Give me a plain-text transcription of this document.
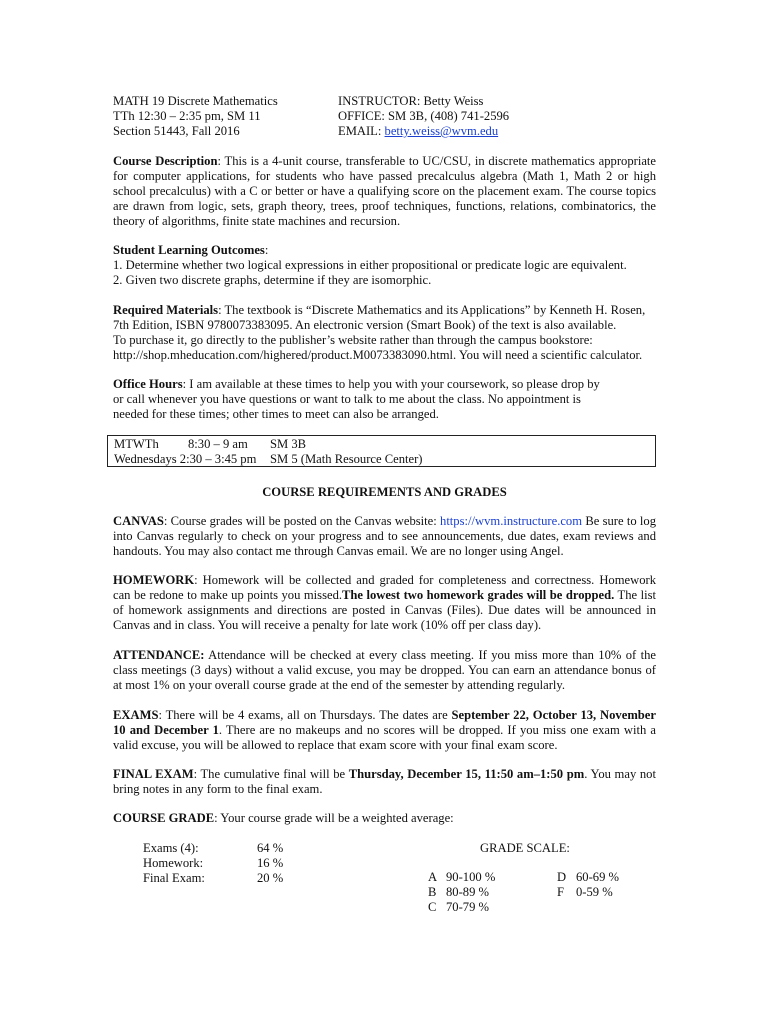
MATH 19 Discrete Mathematics
TTh 12:30 – 2:35 pm, SM 11
Section 51443, Fall 2016
INSTRUCTOR: Betty Weiss
OFFICE: SM 3B, (408) 741-2596
EMAIL: betty.weiss@wvm.edu

Course Description: This is a 4-unit course, transferable to UC/CSU, in discrete mathematics appropriate for computer applications, for students who have passed precalculus algebra (Math 1, Math 2 or high school precalculus) with a C or better or have a qualifying score on the placement exam. The course topics are drawn from logic, sets, graph theory, trees, proof techniques, functions, relations, combinatorics, the theory of algorithms, finite state machines and recursion.

Student Learning Outcomes:

1. Determine whether two logical expressions in either propositional or predicate logic are equivalent.

2. Given two discrete graphs, determine if they are isomorphic.

Required Materials: The textbook is “Discrete Mathematics and its Applications” by Kenneth H. Rosen,

7th Edition, ISBN 9780073383095. An electronic version (Smart Book) of the text is also available.

To purchase it, go directly to the publisher’s website rather than through the campus bookstore:

http://shop.mheducation.com/highered/product.M0073383090.html. You will need a scientific calculator.

Office Hours: I am available at these times to help you with your coursework, so please drop by

or call whenever you have questions or want to talk to me about the class. No appointment is

needed for these times; other times to meet can also be arranged.

MTWTh	8:30 – 9 am	SM 3B
Wednesdays 2:30 – 3:45 pm	SM 5 (Math Resource Center)
COURSE REQUIREMENTS AND GRADES

CANVAS: Course grades will be posted on the Canvas website: https://wvm.instructure.com Be sure to log into Canvas regularly to check on your progress and to see announcements, due dates, exam reviews and handouts. You may also contact me through Canvas email. We are no longer using Angel.

HOMEWORK: Homework will be collected and graded for completeness and correctness. Homework can be redone to make up points you missed.The lowest two homework grades will be dropped. The list of homework assignments and directions are posted in Canvas (Files). Due dates will be announced in Canvas and in class. You will receive a penalty for late work (10% off per class day).

ATTENDANCE: Attendance will be checked at every class meeting. If you miss more than 10% of the class meetings (3 days) without a valid excuse, you may be dropped. You can earn an attendance bonus of at most 1% on your overall course grade at the end of the semester by attending regularly.

EXAMS: There will be 4 exams, all on Thursdays. The dates are September 22, October 13, November 10 and December 1. There are no makeups and no scores will be dropped. If you miss one exam with a valid excuse, you will be allowed to replace that exam score with your final exam score.

FINAL EXAM: The cumulative final will be Thursday, December 15, 11:50 am–1:50 pm. You may not bring notes in any form to the final exam.

COURSE GRADE: Your course grade will be a weighted average:

Exams (4):	64 %
Homework:	16 %
Final Exam:	20 %
GRADE SCALE:
A 90-100 %
B 80-89 %
C 70-79 %
D 60-69 %
F 0-59 %
